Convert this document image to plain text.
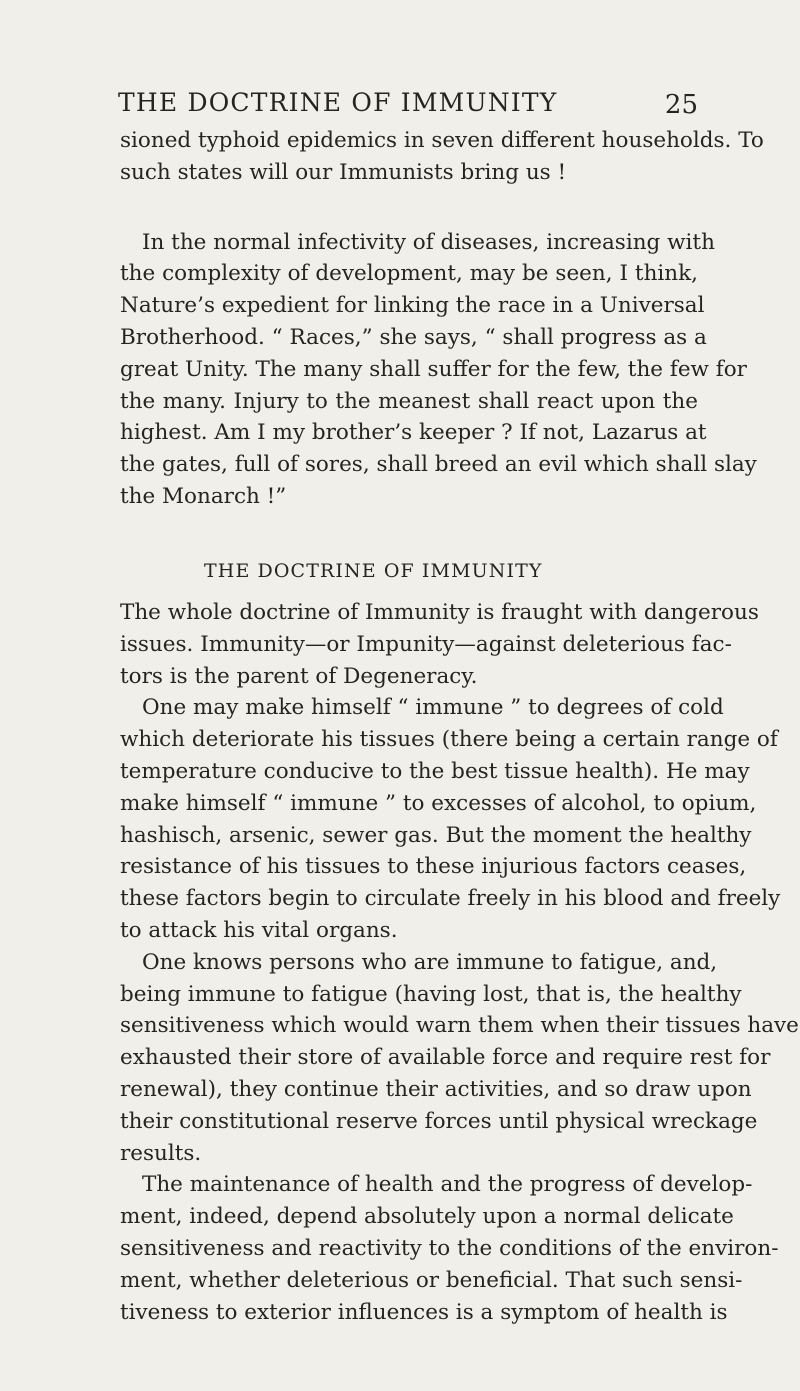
THE DOCTRINE OF IMMUNITY	25
sioned typhoid epidemics in seven different households. To
such states will our Immunists bring us !
In the normal infectivity of diseases, increasing with
the complexity of development, may be seen, I think,
Nature’s expedient for linking the race in a Universal
Brotherhood. “ Races,” she says, “ shall progress as a
great Unity. The many shall suffer for the few, the few for
the many. Injury to the meanest shall react upon the
highest. Am I my brother’s keeper ? If not, Lazarus at
the gates, full of sores, shall breed an evil which shall slay
the Monarch !”
THE DOCTRINE OF IMMUNITY
The whole doctrine of Immunity is fraught with dangerous
issues. Immunity—or Impunity—against deleterious fac-
tors is the parent of Degeneracy.
One may make himself “ immune ” to degrees of cold
which deteriorate his tissues (there being a certain range of
temperature conducive to the best tissue health). He may
make himself “ immune ” to excesses of alcohol, to opium,
hashisch, arsenic, sewer gas. But the moment the healthy
resistance of his tissues to these injurious factors ceases,
these factors begin to circulate freely in his blood and freely
to attack his vital organs.
One knows persons who are immune to fatigue, and,
being immune to fatigue (having lost, that is, the healthy
sensitiveness which would warn them when their tissues have
exhausted their store of available force and require rest for
renewal), they continue their activities, and so draw upon
their constitutional reserve forces until physical wreckage
results.
The maintenance of health and the progress of develop-
ment, indeed, depend absolutely upon a normal delicate
sensitiveness and reactivity to the conditions of the environ-
ment, whether deleterious or beneficial. That such sensi-
tiveness to exterior influences is a symptom of health is
